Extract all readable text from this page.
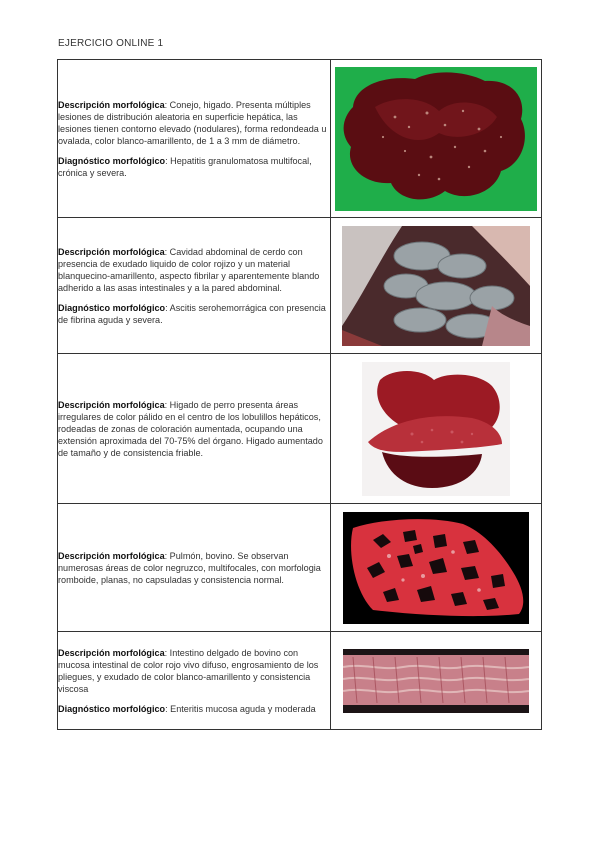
EJERCICIO ONLINE 1

Descripción morfológica: Conejo, higado. Presenta múltiples lesiones de distribución aleatoria en superficie hepática, las lesiones tienen contorno elevado (nodulares), forma redondeada u ovalada, color blanco-amarillento, de 1 a 3 mm de diámetro.

Diagnóstico morfológico: Hepatitis granulomatosa multifocal, crónica y severa.

Descripción morfológica: Cavidad abdominal de cerdo con presencia de exudado liquido de color rojizo y un material blanquecino-amarillento, aspecto fibrilar y aparentemente blando adherido a las asas intestinales y a la pared abdominal.

Diagnóstico morfológico: Ascitis serohemorrágica con presencia de fibrina aguda y severa.

Descripción morfológica: Higado de perro presenta áreas irregulares de color pálido en el centro de los lobulillos hepáticos, rodeadas de zonas de coloración aumentada, ocupando una extensión aproximada del 70-75% del órgano. Higado aumentado de tamaño y de consistencia friable.

Descripción morfológica: Pulmón, bovino. Se observan numerosas áreas de color negruzco, multifocales, con morfologia romboide, planas, no capsuladas y consistencia normal.

Descripción morfológica: Intestino delgado de bovino con mucosa intestinal de color rojo vivo difuso, engrosamiento de los pliegues, y exudado de color blanco-amarillento y consistencia viscosa

Diagnóstico morfológico: Enteritis mucosa aguda y moderada
